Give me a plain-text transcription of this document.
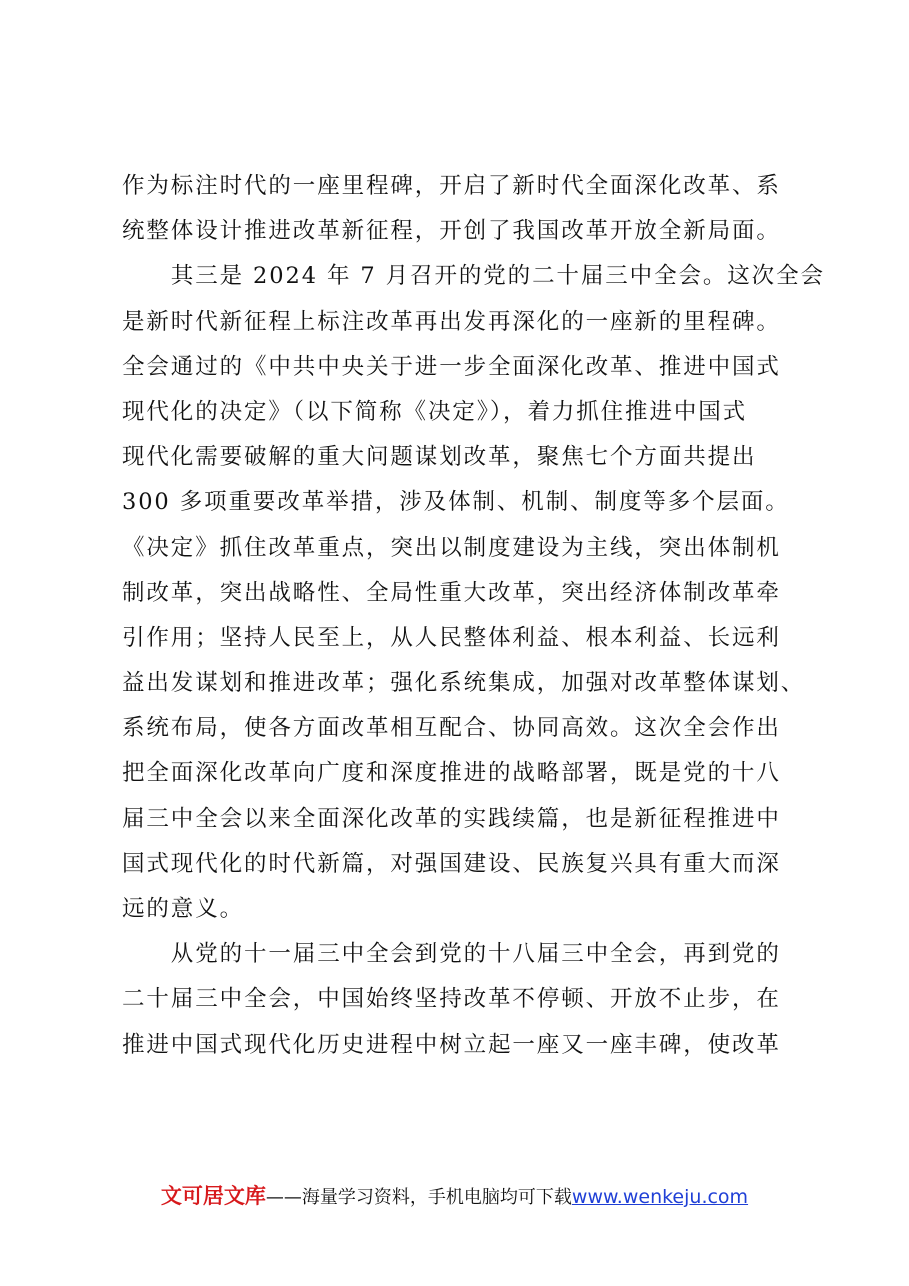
作为标注时代的一座里程碑，开启了新时代全面深化改革、系
统整体设计推进改革新征程，开创了我国改革开放全新局面。
　　其三是 2024 年 7 月召开的党的二十届三中全会。这次全会
是新时代新征程上标注改革再出发再深化的一座新的里程碑。
全会通过的《中共中央关于进一步全面深化改革、推进中国式
现代化的决定》（以下简称《决定》），着力抓住推进中国式
现代化需要破解的重大问题谋划改革，聚焦七个方面共提出
300 多项重要改革举措，涉及体制、机制、制度等多个层面。
《决定》抓住改革重点，突出以制度建设为主线，突出体制机
制改革，突出战略性、全局性重大改革，突出经济体制改革牵
引作用；坚持人民至上，从人民整体利益、根本利益、长远利
益出发谋划和推进改革；强化系统集成，加强对改革整体谋划、
系统布局，使各方面改革相互配合、协同高效。这次全会作出
把全面深化改革向广度和深度推进的战略部署，既是党的十八
届三中全会以来全面深化改革的实践续篇，也是新征程推进中
国式现代化的时代新篇，对强国建设、民族复兴具有重大而深
远的意义。
　　从党的十一届三中全会到党的十八届三中全会，再到党的
二十届三中全会，中国始终坚持改革不停顿、开放不止步，在
推进中国式现代化历史进程中树立起一座又一座丰碑，使改革
文可居文库——海量学习资料，手机电脑均可下载www.wenkeju.com
